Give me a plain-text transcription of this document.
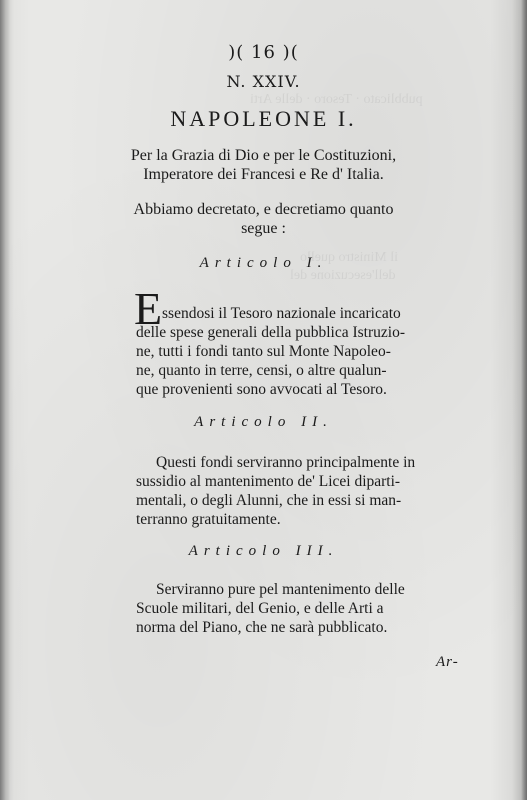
pubblicato · Tesoro · delle Arti
il Ministro quello
dell'esecuzione del
)( 16 )(
N. XXIV.
NAPOLEONE I.
Per la Grazia di Dio e per le Costituzioni,
Imperatore dei Francesi e Re d' Italia.
Abbiamo decretato, e decretiamo quanto
segue :
Articolo I.
E ssendosi il Tesoro nazionale incaricato
delle spese generali della pubblica Istruzio-
ne, tutti i fondi tanto sul Monte Napoleo-
ne, quanto in terre, censi, o altre qualun-
que provenienti sono avvocati al Tesoro.
Articolo II.
Questi fondi serviranno principalmente in
sussidio al mantenimento de' Licei diparti-
mentali, o degli Alunni, che in essi si man-
terranno gratuitamente.
Articolo III.
Serviranno pure pel mantenimento delle
Scuole militari, del Genio, e delle Arti a
norma del Piano, che ne sarà pubblicato.
Ar-
